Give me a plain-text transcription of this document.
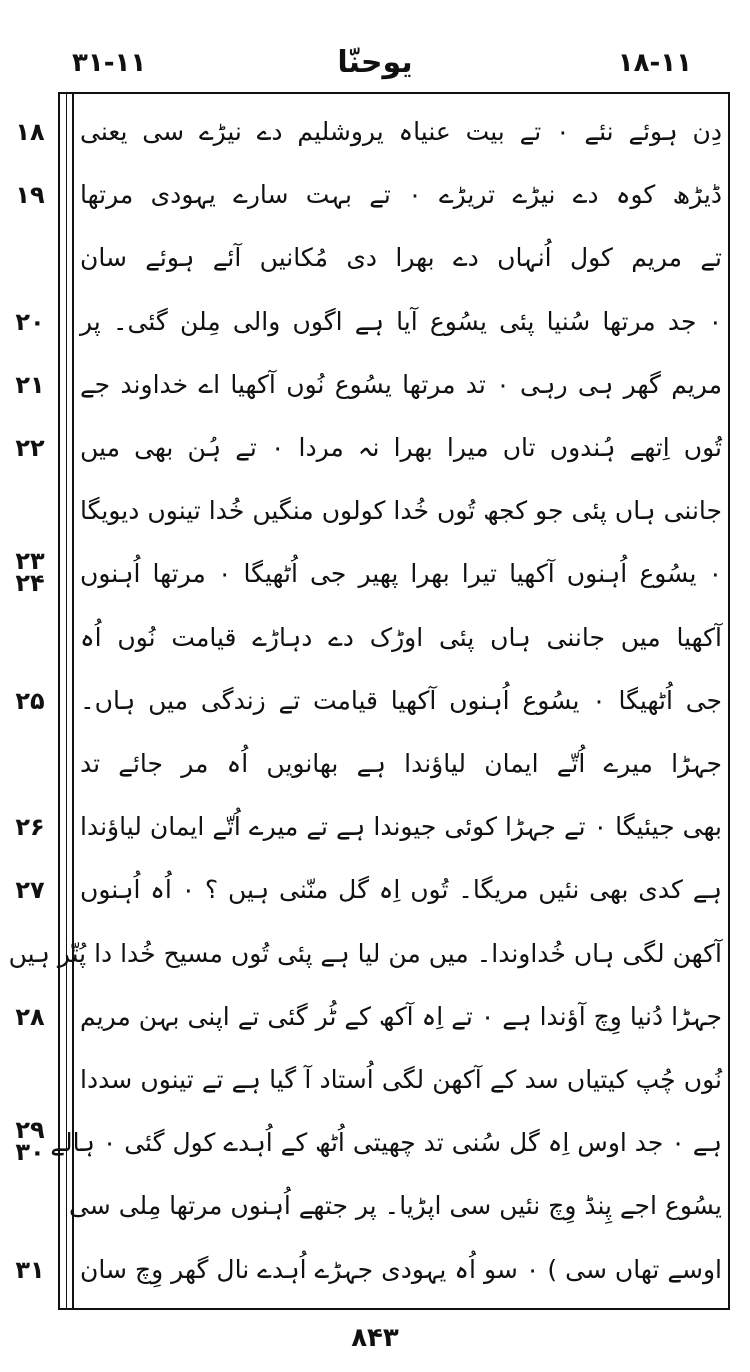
۳۱-۱۱	یوحنّا	۱۸-۱۱
دِن ہوئے نئے ۰ تے بیت عنیاہ یروشلیم دے نیڑے سی یعنی
ڈیڑھ کوہ دے نیڑے تریڑے ۰ تے بہت سارے یہودی مرتھا
تے مریم کول اُنہاں دے بھرا دی مُکانیں آئے ہوئے سان
۰ جد مرتھا سُنیا پئی یسُوع آیا ہے اگوں والی مِلن گئی۔ پر
مریم گھر ہی رہی ۰ تد مرتھا یسُوع نُوں آکھیا اے خداوند جے
تُوں اِتھے ہُندوں تاں میرا بھرا نہ مردا ۰ تے ہُن بھی میں
جاننی ہاں پئی جو کجھ تُوں خُدا کولوں منگیں خُدا تینوں دیویگا
۰ یسُوع اُہنوں آکھیا تیرا بھرا پھیر جی اُٹھیگا ۰ مرتھا اُہنوں
آکھیا میں جاننی ہاں پئی اوڑک دے دہاڑے قیامت نُوں اُہ
جی اُٹھیگا ۰ یسُوع اُہنوں آکھیا قیامت تے زندگی میں ہاں۔
جہڑا میرے اُتّے ایمان لیاؤندا ہے بھانویں اُہ مر جائے تد
بھی جیئیگا ۰ تے جہڑا کوئی جیوندا ہے تے میرے اُتّے ایمان لیاؤندا
ہے کدی بھی نئیں مریگا۔ تُوں اِہ گل منّنی ہیں ؟ ۰ اُہ اُہنوں
آکھن لگی ہاں خُداوندا۔ میں من لیا ہے پئی تُوں مسیح خُدا دا پُتّر ہیں
جہڑا دُنیا وِچ آؤندا ہے ۰ تے اِہ آکھ کے ٹُر گئی تے اپنی بہن مریم
نُوں چُپ کیتیاں سد کے آکھن لگی اُستاد آ گیا ہے تے تینوں سددا
ہے ۰ جد اوس اِہ گل سُنی تد چھیتی اُٹھ کے اُہدے کول گئی ۰ ہالے
یسُوع اجے پِنڈ وِچ نئیں سی اپڑیا۔ پر جتھے اُہنوں مرتھا مِلی سی
اوسے تھاں سی ) ۰ سو اُہ یہودی جہڑے اُہدے نال گھر وِچ سان
۸۴۳
۱۸
۱۹
۲۰
۲۱
۲۲
۲۳
۲۴
۲۵
۲۶
۲۷
۲۸
۲۹
۳۰
۳۱
